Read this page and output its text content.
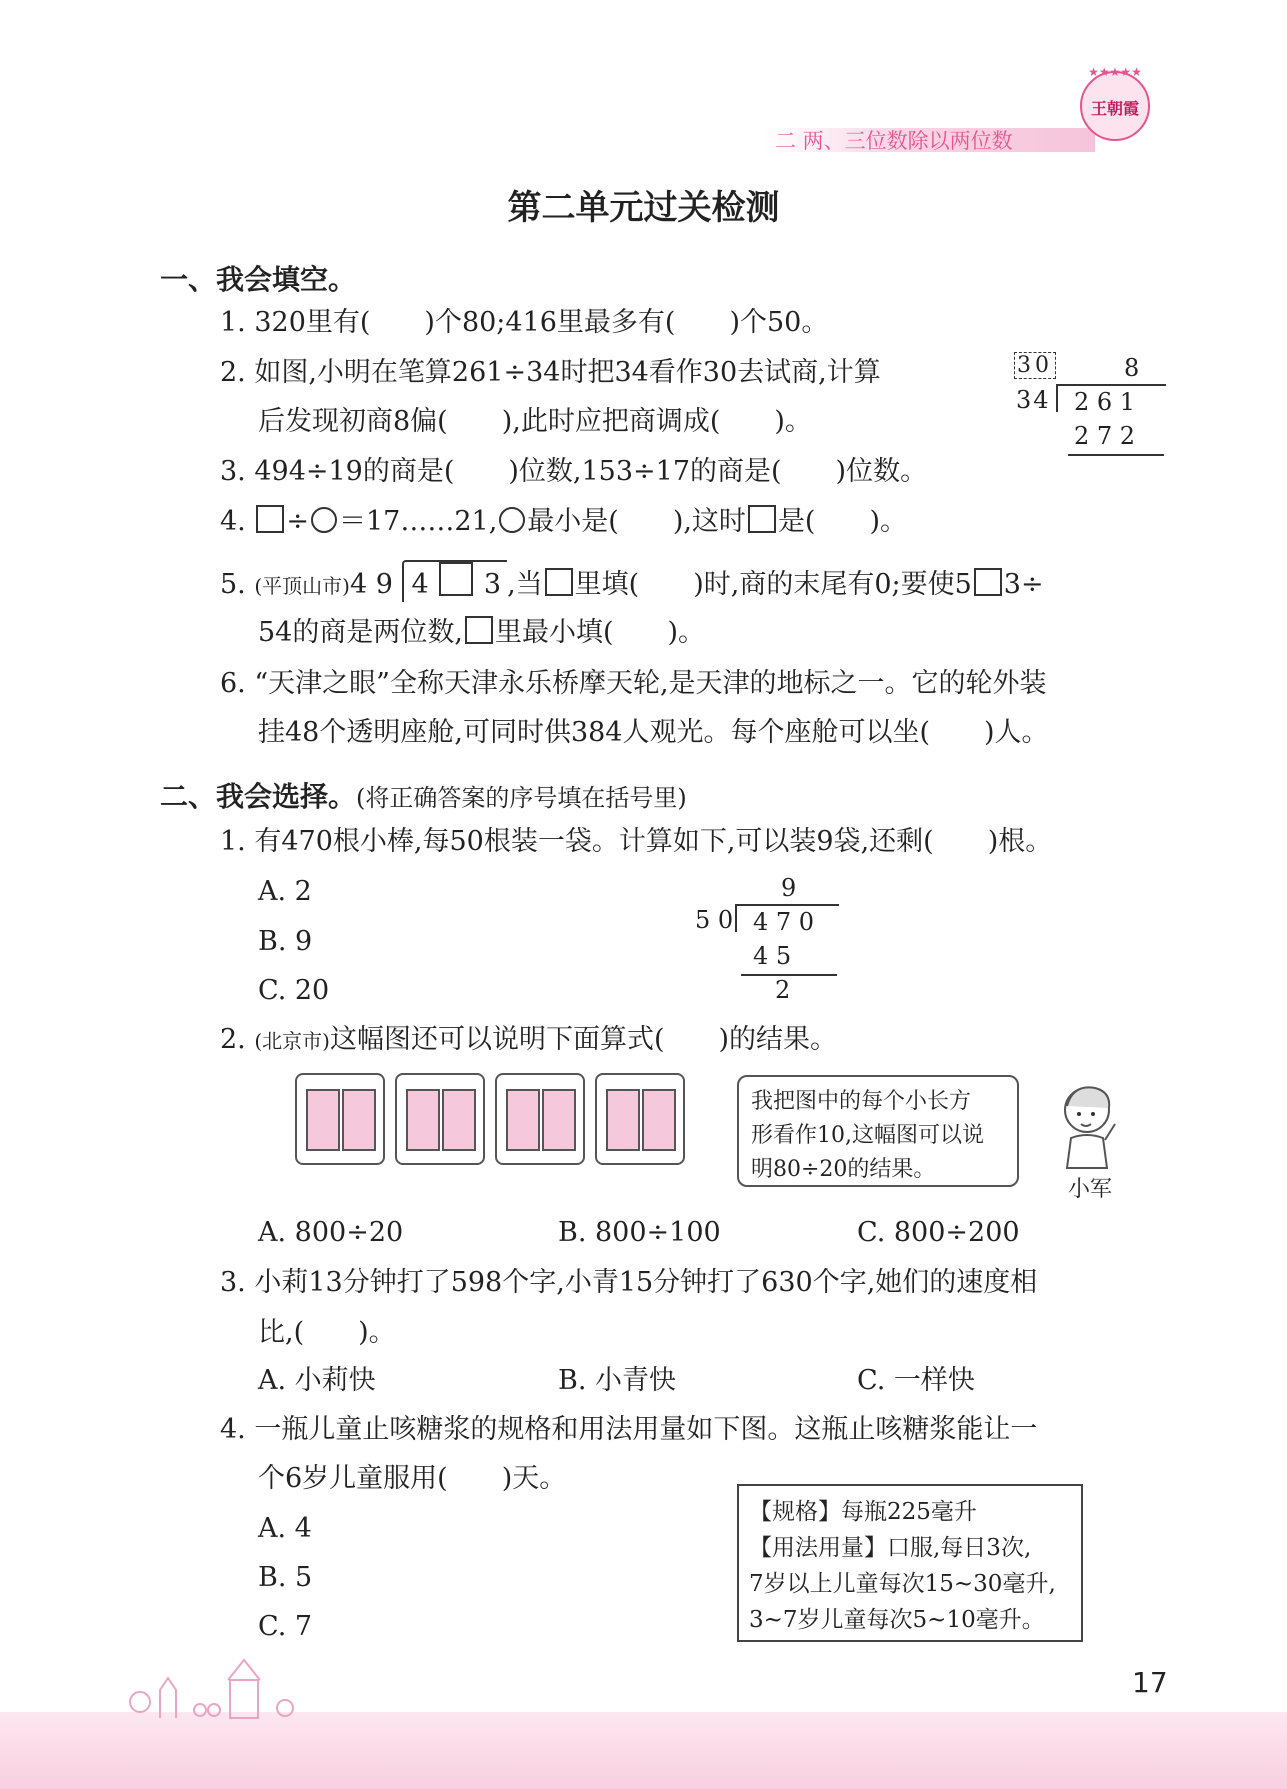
二 两、三位数除以两位数
★★★★★
王朝霞
第二单元过关检测
一、我会填空。
1. 320里有(　　)个80;416里最多有(　　)个50。
2. 如图,小明在笔算261÷34时把34看作30去试商,计算
后发现初商8偏(　　),此时应把商调成(　　)。
30	8
34 2 6 1
2 7 2
3. 494÷19的商是(　　)位数,153÷17的商是(　　)位数。
4. ÷ ＝17……21, 最小是(　　),这时 是(　　)。
5. (平顶山市)4 9 4 3 ,当 里填(　　)时,商的末尾有0;要使5 3÷
54的商是两位数, 里最小填(　　)。
6. “天津之眼”全称天津永乐桥摩天轮,是天津的地标之一。它的轮外装
挂48个透明座舱,可同时供384人观光。每个座舱可以坐(　　)人。
二、我会选择。(将正确答案的序号填在括号里)
1. 有470根小棒,每50根装一袋。计算如下,可以装9袋,还剩(　　)根。
A. 2
B. 9
C. 20
9
5 0 4 7 0
4 5
2
2. (北京市)这幅图还可以说明下面算式(　　)的结果。
我把图中的每个小长方
形看作10,这幅图可以说
明80÷20的结果。
小军
A. 800÷20	B. 800÷100	C. 800÷200
3. 小莉13分钟打了598个字,小青15分钟打了630个字,她们的速度相
比,(　　)。
A. 小莉快	B. 小青快	C. 一样快
4. 一瓶儿童止咳糖浆的规格和用法用量如下图。这瓶止咳糖浆能让一
个6岁儿童服用(　　)天。
A. 4
B. 5
C. 7
【规格】每瓶225毫升
【用法用量】口服,每日3次,
7岁以上儿童每次15~30毫升,
3~7岁儿童每次5~10毫升。
17
